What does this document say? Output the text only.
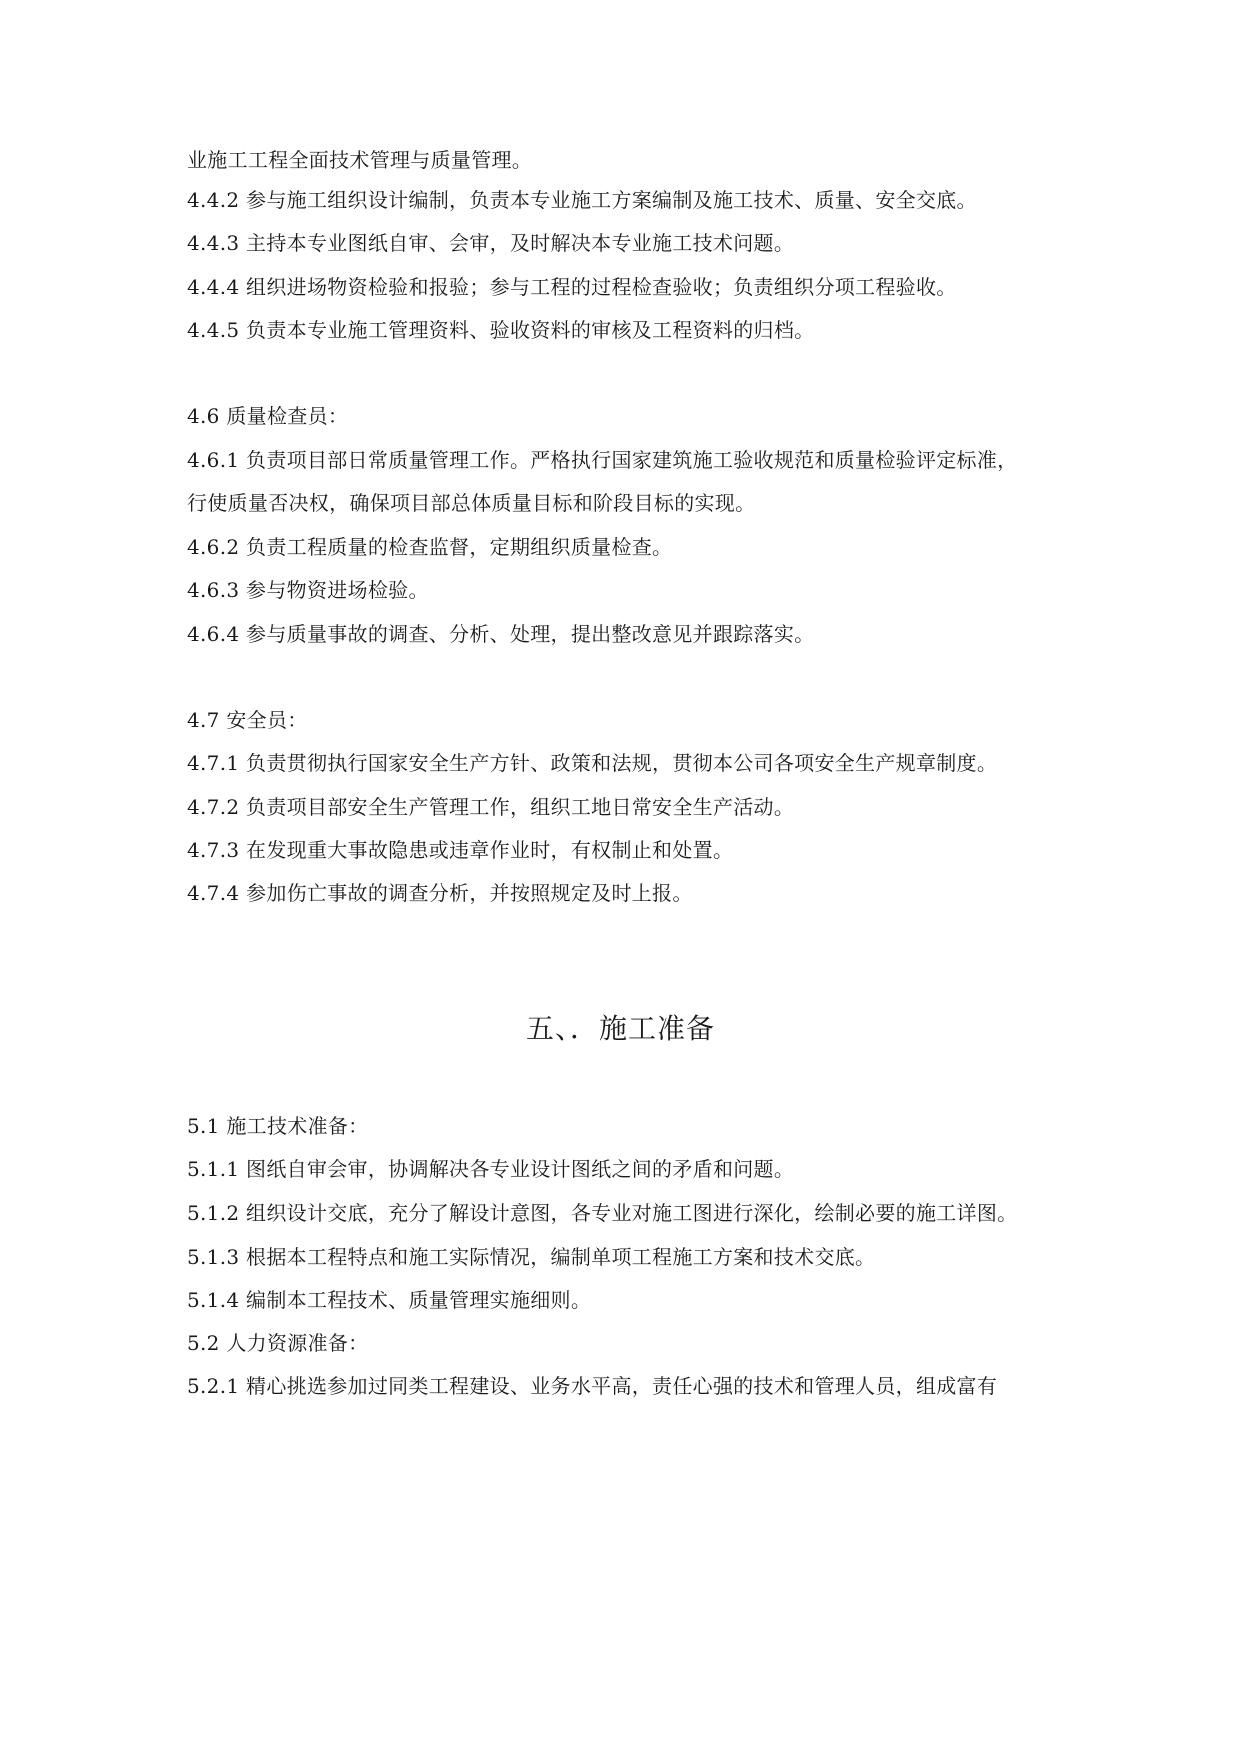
业施工工程全面技术管理与质量管理。
4.4.2 参与施工组织设计编制，负责本专业施工方案编制及施工技术、质量、安全交底。
4.4.3 主持本专业图纸自审、会审，及时解决本专业施工技术问题。
4.4.4 组织进场物资检验和报验；参与工程的过程检查验收；负责组织分项工程验收。
4.4.5 负责本专业施工管理资料、验收资料的审核及工程资料的归档。
4.6 质量检查员：
4.6.1 负责项目部日常质量管理工作。严格执行国家建筑施工验收规范和质量检验评定标准，
行使质量否决权，确保项目部总体质量目标和阶段目标的实现。
4.6.2 负责工程质量的检查监督，定期组织质量检查。
4.6.3 参与物资进场检验。
4.6.4 参与质量事故的调查、分析、处理，提出整改意见并跟踪落实。
4.7 安全员：
4.7.1 负责贯彻执行国家安全生产方针、政策和法规，贯彻本公司各项安全生产规章制度。
4.7.2 负责项目部安全生产管理工作，组织工地日常安全生产活动。
4.7.3 在发现重大事故隐患或违章作业时，有权制止和处置。
4.7.4 参加伤亡事故的调查分析，并按照规定及时上报。
五、．施工准备
5.1 施工技术准备：
5.1.1 图纸自审会审，协调解决各专业设计图纸之间的矛盾和问题。
5.1.2 组织设计交底，充分了解设计意图，各专业对施工图进行深化，绘制必要的施工详图。
5.1.3 根据本工程特点和施工实际情况，编制单项工程施工方案和技术交底。
5.1.4 编制本工程技术、质量管理实施细则。
5.2 人力资源准备：
5.2.1 精心挑选参加过同类工程建设、业务水平高，责任心强的技术和管理人员，组成富有
